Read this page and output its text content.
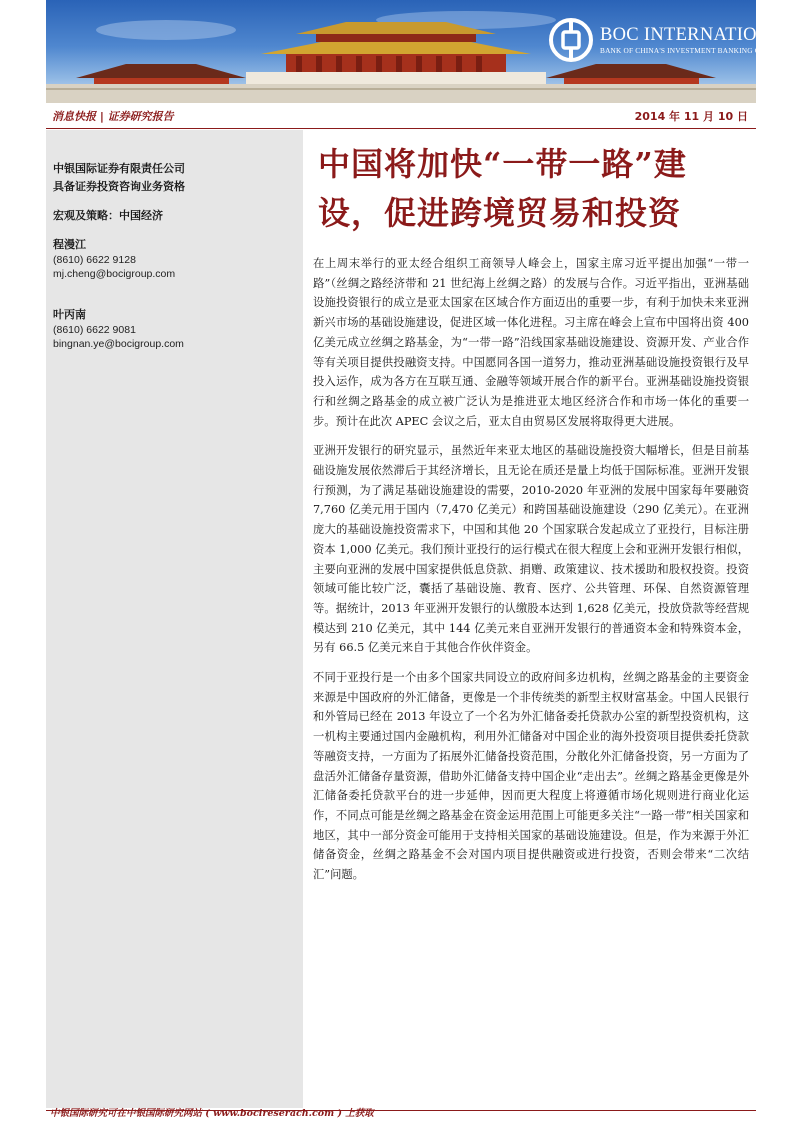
BOC INTERNATIONAL
BANK OF CHINA'S INVESTMENT BANKING GROUP
消息快报 | 证券研究报告	2014 年 11 月 10 日
中银国际证券有限责任公司
具备证券投资咨询业务资格
宏观及策略：中国经济
程漫江
(8610) 6622 9128
mj.cheng@bocigroup.com
叶丙南
(8610) 6622 9081
bingnan.ye@bocigroup.com
中国将加快“一带一路”建设，促进跨境贸易和投资

在上周末举行的亚太经合组织工商领导人峰会上，国家主席习近平提出加强“一带一路”（丝绸之路经济带和 21 世纪海上丝绸之路）的发展与合作。习近平指出，亚洲基础设施投资银行的成立是亚太国家在区域合作方面迈出的重要一步，有利于加快未来亚洲新兴市场的基础设施建设，促进区域一体化进程。习主席在峰会上宣布中国将出资 400 亿美元成立丝绸之路基金，为“一带一路”沿线国家基础设施建设、资源开发、产业合作等有关项目提供投融资支持。中国愿同各国一道努力，推动亚洲基础设施投资银行及早投入运作，成为各方在互联互通、金融等领域开展合作的新平台。亚洲基础设施投资银行和丝绸之路基金的成立被广泛认为是推进亚太地区经济合作和市场一体化的重要一步。预计在此次 APEC 会议之后，亚太自由贸易区发展将取得更大进展。

亚洲开发银行的研究显示，虽然近年来亚太地区的基础设施投资大幅增长，但是目前基础设施发展依然滞后于其经济增长，且无论在质还是量上均低于国际标准。亚洲开发银行预测，为了满足基础设施建设的需要，2010-2020 年亚洲的发展中国家每年要融资 7,760 亿美元用于国内（7,470 亿美元）和跨国基础设施建设（290 亿美元）。在亚洲庞大的基础设施投资需求下，中国和其他 20 个国家联合发起成立了亚投行，目标注册资本 1,000 亿美元。我们预计亚投行的运行模式在很大程度上会和亚洲开发银行相似，主要向亚洲的发展中国家提供低息贷款、捐赠、政策建议、技术援助和股权投资。投资领域可能比较广泛，囊括了基础设施、教育、医疗、公共管理、环保、自然资源管理等。据统计，2013 年亚洲开发银行的认缴股本达到 1,628 亿美元，投放贷款等经营规模达到 210 亿美元，其中 144 亿美元来自亚洲开发银行的普通资本金和特殊资本金，另有 66.5 亿美元来自于其他合作伙伴资金。

不同于亚投行是一个由多个国家共同设立的政府间多边机构，丝绸之路基金的主要资金来源是中国政府的外汇储备，更像是一个非传统类的新型主权财富基金。中国人民银行和外管局已经在 2013 年设立了一个名为外汇储备委托贷款办公室的新型投资机构，这一机构主要通过国内金融机构，利用外汇储备对中国企业的海外投资项目提供委托贷款等融资支持，一方面为了拓展外汇储备投资范围，分散化外汇储备投资，另一方面为了盘活外汇储备存量资源，借助外汇储备支持中国企业“走出去”。丝绸之路基金更像是外汇储备委托贷款平台的进一步延伸，因而更大程度上将遵循市场化规则进行商业化运作，不同点可能是丝绸之路基金在资金运用范围上可能更多关注“一路一带”相关国家和地区，其中一部分资金可能用于支持相关国家的基础设施建设。但是，作为来源于外汇储备资金，丝绸之路基金不会对国内项目提供融资或进行投资，否则会带来“二次结汇”问题。

中银国际研究可在中银国际研究网站 ( www.bocireserach.com ) 上获取
